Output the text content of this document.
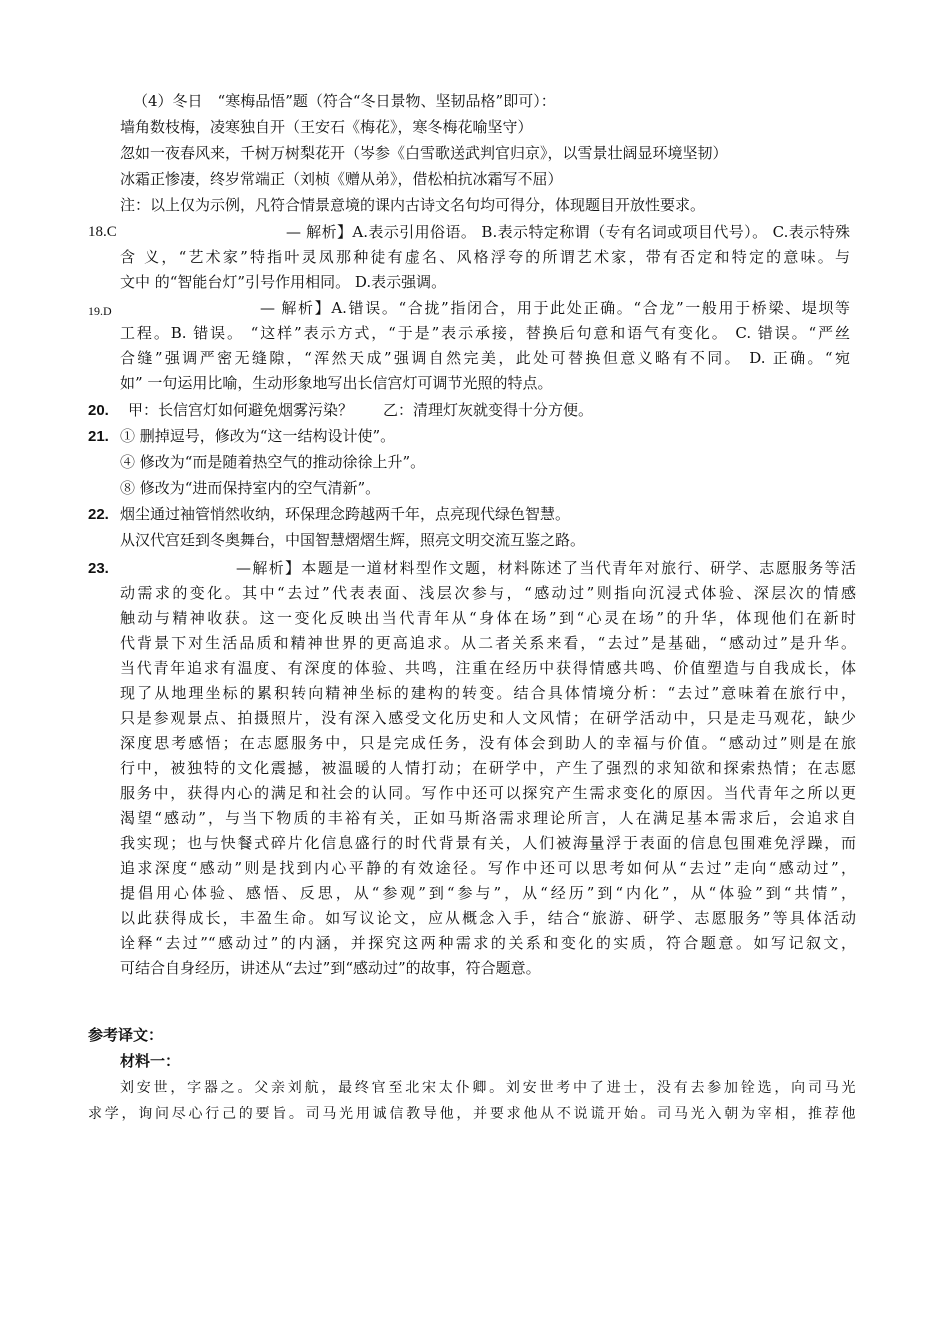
（4）冬日　“寒梅品悟”题（符合“冬日景物、坚韧品格”即可）：
墙角数枝梅，凌寒独自开（王安石《梅花》，寒冬梅花喻坚守）
忽如一夜春风来，千树万树梨花开（岑参《白雪歌送武判官归京》，以雪景壮阔显环境坚韧）
冰霜正惨凄，终岁常端正（刘桢《赠从弟》，借松柏抗冰霜写不屈）
注：以上仅为示例，凡符合情景意境的课内古诗文名句均可得分，体现题目开放性要求。
18.C	— 解析】A.表示引用俗语。 B.表示特定称谓（专有名词或项目代号）。 C.表示特殊
含 义，“艺术家”特指叶灵凤那种徒有虚名、风格浮夸的所谓艺术家，带有否定和特定的意味。与
文中 的“智能台灯”引号作用相同。 D.表示强调。
19.D	— 解析】A.错误。“合拢”指闭合，用于此处正确。“合龙”一般用于桥梁、堤坝等
工程。B. 错误。 “这样”表示方式，“于是”表示承接，替换后句意和语气有变化。 C. 错误。“严丝
合缝”强调严密无缝隙，“浑然天成”强调自然完美，此处可替换但意义略有不同。 D. 正确。“宛
如” 一句运用比喻，生动形象地写出长信宫灯可调节光照的特点。
20. 甲：长信宫灯如何避免烟雾污染？　　乙：清理灯灰就变得十分方便。
21. ① 删掉逗号，修改为“这一结构设计使”。
④ 修改为“而是随着热空气的推动徐徐上升”。
⑧ 修改为“进而保持室内的空气清新”。
22. 烟尘通过袖管悄然收纳，环保理念跨越两千年，点亮现代绿色智慧。
从汉代宫廷到冬奥舞台，中国智慧熠熠生辉，照亮文明交流互鉴之路。
23.	—解析】本题是一道材料型作文题，材料陈述了当代青年对旅行、研学、志愿服务等活
动需求的变化。其中“去过”代表表面、浅层次参与，“感动过”则指向沉浸式体验、深层次的情感
触动与精神收获。这一变化反映出当代青年从“身体在场”到“心灵在场”的升华，体现他们在新时
代背景下对生活品质和精神世界的更高追求。从二者关系来看，“去过”是基础，“感动过”是升华。
当代青年追求有温度、有深度的体验、共鸣，注重在经历中获得情感共鸣、价值塑造与自我成长，体
现了从地理坐标的累积转向精神坐标的建构的转变。结合具体情境分析：“去过”意味着在旅行中，
只是参观景点、拍摄照片，没有深入感受文化历史和人文风情；在研学活动中，只是走马观花，缺少
深度思考感悟；在志愿服务中，只是完成任务，没有体会到助人的幸福与价值。“感动过”则是在旅
行中，被独特的文化震撼，被温暖的人情打动；在研学中，产生了强烈的求知欲和探索热情；在志愿
服务中，获得内心的满足和社会的认同。写作中还可以探究产生需求变化的原因。当代青年之所以更
渴望“感动”，与当下物质的丰裕有关，正如马斯洛需求理论所言，人在满足基本需求后，会追求自
我实现；也与快餐式碎片化信息盛行的时代背景有关，人们被海量浮于表面的信息包围难免浮躁，而
追求深度“感动”则是找到内心平静的有效途径。写作中还可以思考如何从“去过”走向“感动过”，
提倡用心体验、感悟、反思，从“参观”到“参与”，从“经历”到“内化”，从“体验”到“共情”，
以此获得成长，丰盈生命。如写议论文，应从概念入手，结合“旅游、研学、志愿服务”等具体活动
诠释“去过”“感动过”的内涵，并探究这两种需求的关系和变化的实质，符合题意。如写记叙文，
可结合自身经历，讲述从“去过”到“感动过”的故事，符合题意。
参考译文：
材料一：
刘安世，字器之。父亲刘航，最终官至北宋太仆卿。刘安世考中了进士，没有去参加铨选，向司马光
求学，询问尽心行己的要旨。司马光用诚信教导他，并要求他从不说谎开始。司马光入朝为宰相，推荐他
